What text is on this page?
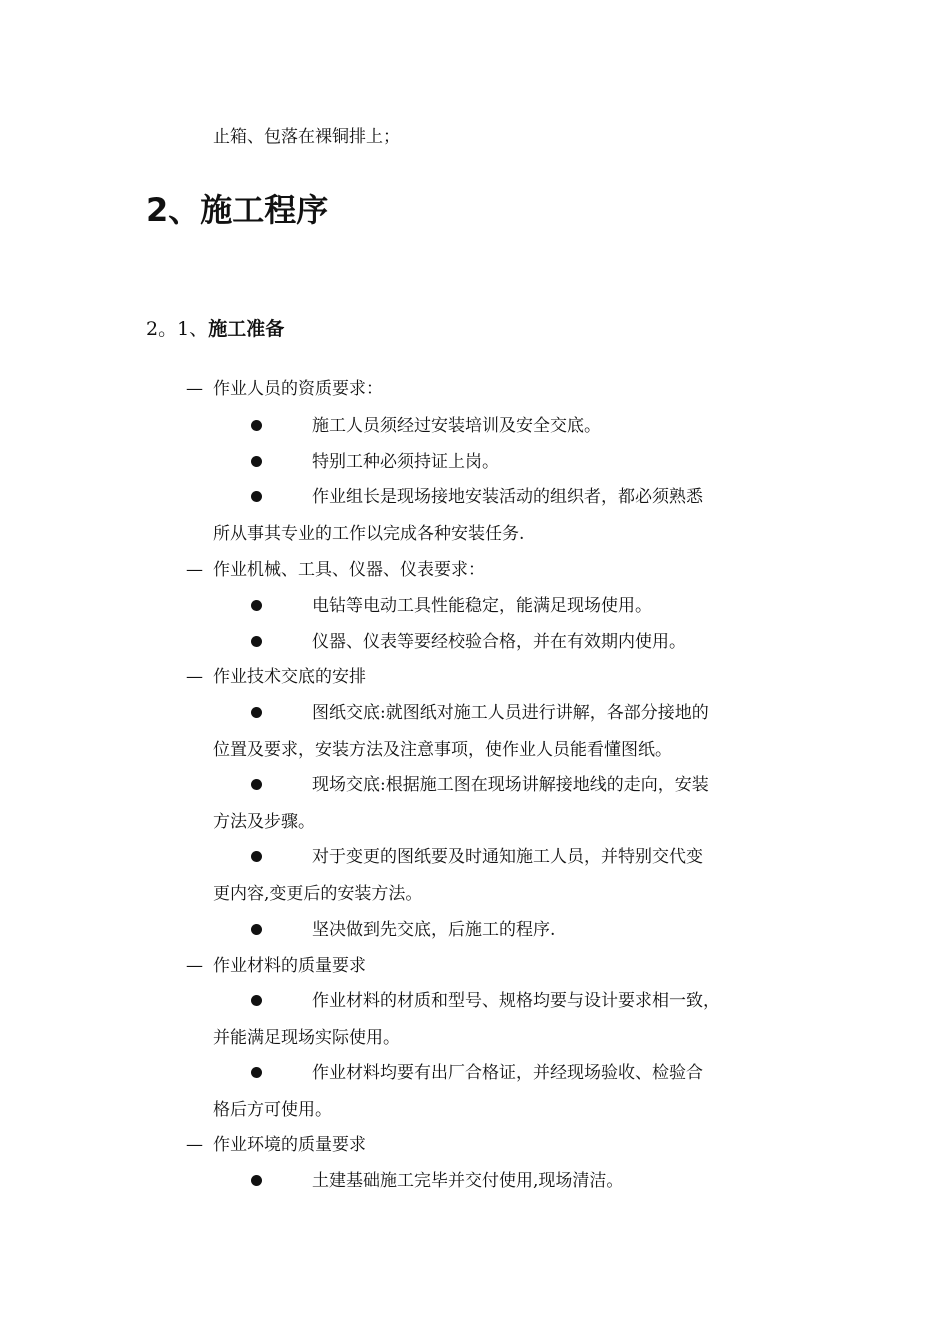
止箱、包落在裸铜排上；
2、施工程序
2。1、施工准备
— 作业人员的资质要求：
施工人员须经过安装培训及安全交底。
特别工种必须持证上岗。
作业组长是现场接地安装活动的组织者，都必须熟悉
所从事其专业的工作以完成各种安装任务.
— 作业机械、工具、仪器、仪表要求：
电钻等电动工具性能稳定，能满足现场使用。
仪器、仪表等要经校验合格，并在有效期内使用。
— 作业技术交底的安排
图纸交底:就图纸对施工人员进行讲解，各部分接地的
位置及要求，安装方法及注意事项，使作业人员能看懂图纸。
现场交底:根据施工图在现场讲解接地线的走向，安装
方法及步骤。
对于变更的图纸要及时通知施工人员，并特别交代变
更内容,变更后的安装方法。
坚决做到先交底，后施工的程序.
— 作业材料的质量要求
作业材料的材质和型号、规格均要与设计要求相一致，
并能满足现场实际使用。
作业材料均要有出厂合格证，并经现场验收、检验合
格后方可使用。
— 作业环境的质量要求
土建基础施工完毕并交付使用,现场清洁。
